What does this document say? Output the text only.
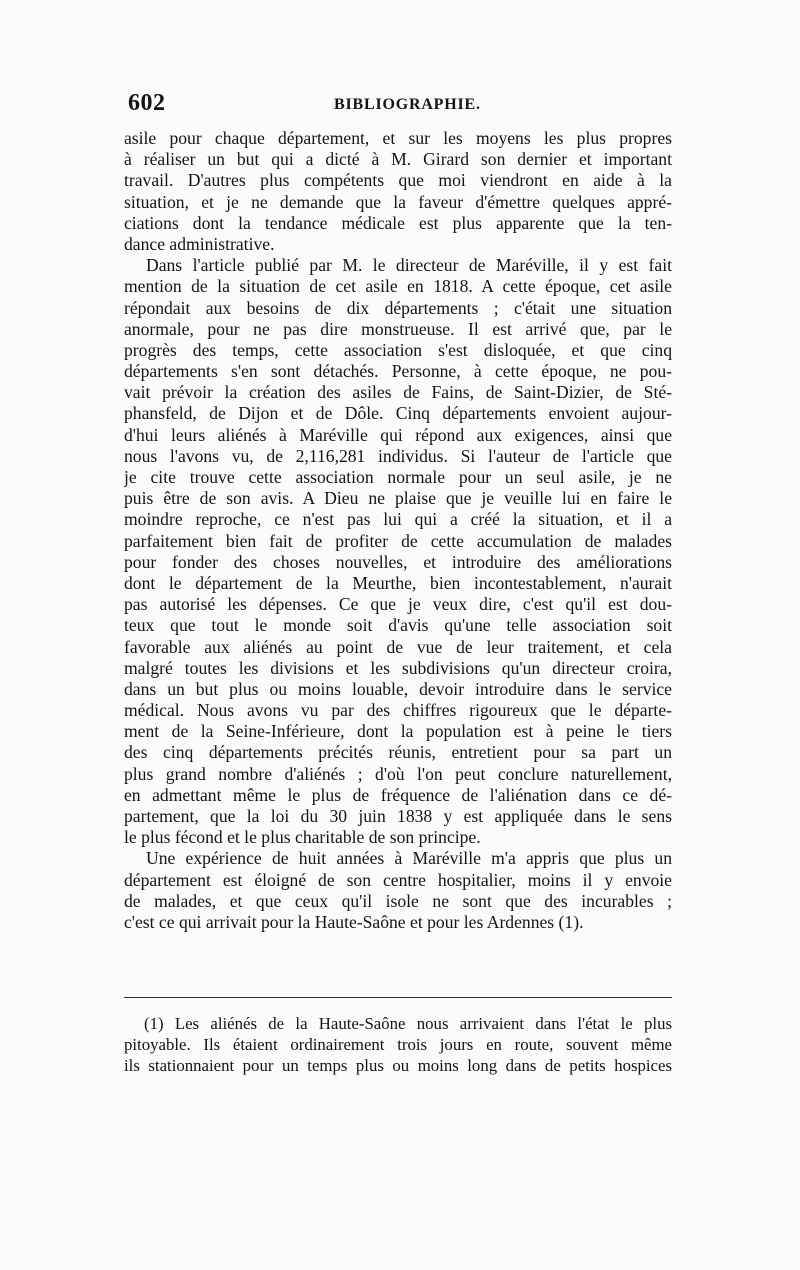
602	BIBLIOGRAPHIE.
asile pour chaque département, et sur les moyens les plus propres
à réaliser un but qui a dicté à M. Girard son dernier et important
travail. D'autres plus compétents que moi viendront en aide à la
situation, et je ne demande que la faveur d'émettre quelques appré-
ciations dont la tendance médicale est plus apparente que la ten-
dance administrative.
Dans l'article publié par M. le directeur de Maréville, il y est fait
mention de la situation de cet asile en 1818. A cette époque, cet asile
répondait aux besoins de dix départements ; c'était une situation
anormale, pour ne pas dire monstrueuse. Il est arrivé que, par le
progrès des temps, cette association s'est disloquée, et que cinq
départements s'en sont détachés. Personne, à cette époque, ne pou-
vait prévoir la création des asiles de Fains, de Saint-Dizier, de Sté-
phansfeld, de Dijon et de Dôle. Cinq départements envoient aujour-
d'hui leurs aliénés à Maréville qui répond aux exigences, ainsi que
nous l'avons vu, de 2,116,281 individus. Si l'auteur de l'article que
je cite trouve cette association normale pour un seul asile, je ne
puis être de son avis. A Dieu ne plaise que je veuille lui en faire le
moindre reproche, ce n'est pas lui qui a créé la situation, et il a
parfaitement bien fait de profiter de cette accumulation de malades
pour fonder des choses nouvelles, et introduire des améliorations
dont le département de la Meurthe, bien incontestablement, n'aurait
pas autorisé les dépenses. Ce que je veux dire, c'est qu'il est dou-
teux que tout le monde soit d'avis qu'une telle association soit
favorable aux aliénés au point de vue de leur traitement, et cela
malgré toutes les divisions et les subdivisions qu'un directeur croira,
dans un but plus ou moins louable, devoir introduire dans le service
médical. Nous avons vu par des chiffres rigoureux que le départe-
ment de la Seine-Inférieure, dont la population est à peine le tiers
des cinq départements précités réunis, entretient pour sa part un
plus grand nombre d'aliénés ; d'où l'on peut conclure naturellement,
en admettant même le plus de fréquence de l'aliénation dans ce dé-
partement, que la loi du 30 juin 1838 y est appliquée dans le sens
le plus fécond et le plus charitable de son principe.
Une expérience de huit années à Maréville m'a appris que plus un
département est éloigné de son centre hospitalier, moins il y envoie
de malades, et que ceux qu'il isole ne sont que des incurables ;
c'est ce qui arrivait pour la Haute-Saône et pour les Ardennes (1).
(1) Les aliénés de la Haute-Saône nous arrivaient dans l'état le plus
pitoyable. Ils étaient ordinairement trois jours en route, souvent même
ils stationnaient pour un temps plus ou moins long dans de petits hospices
